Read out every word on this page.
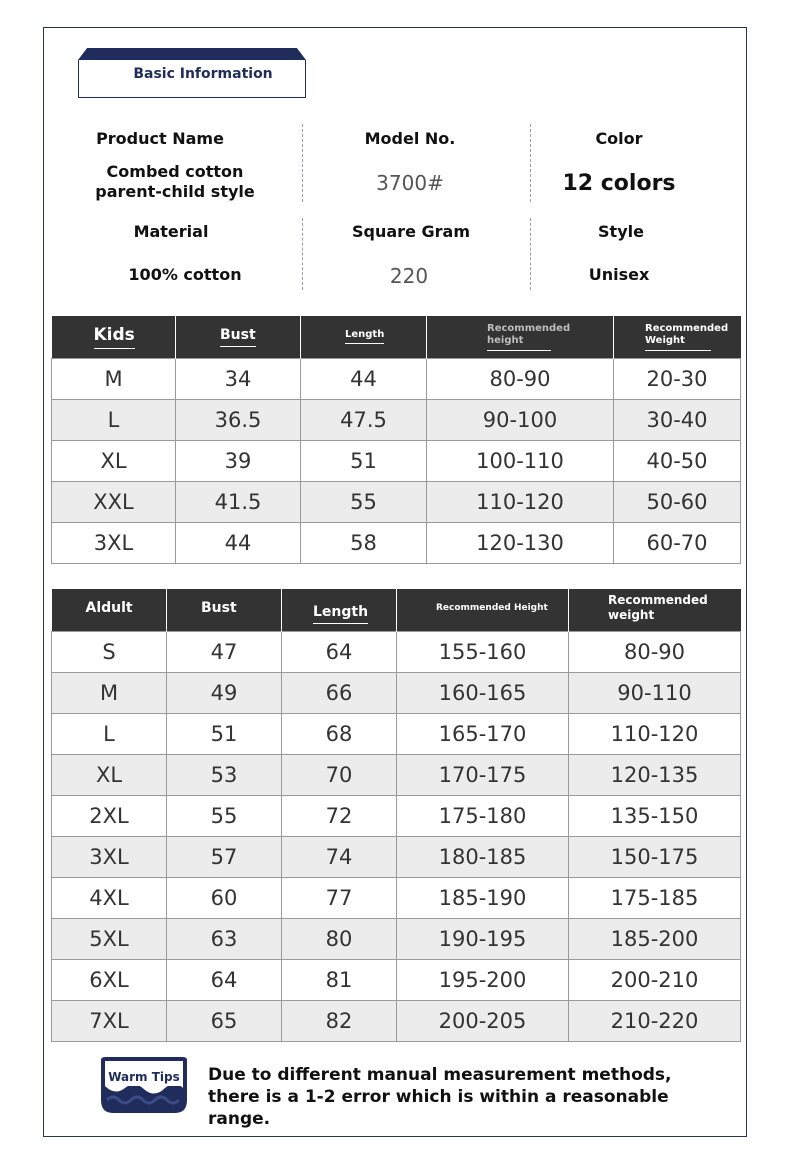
Basic Information
Product Name
Combed cotton
parent-child style
Model No.
3700#
Color
12 colors
Material
100% cotton
Square Gram
220
Style
Unisex
Kids	Bust	Length	Recommended height	Recommended Weight
M	34	44	80-90	20-30
L	36.5	47.5	90-100	30-40
XL	39	51	100-110	40-50
XXL	41.5	55	110-120	50-60
3XL	44	58	120-130	60-70
Aldult	Bust	Length	Recommended Height	Recommended weight
S	47	64	155-160	80-90
M	49	66	160-165	90-110
L	51	68	165-170	110-120
XL	53	70	170-175	120-135
2XL	55	72	175-180	135-150
3XL	57	74	180-185	150-175
4XL	60	77	185-190	175-185
5XL	63	80	190-195	185-200
6XL	64	81	195-200	200-210
7XL	65	82	200-205	210-220
Warm Tips	Due to different manual measurement methods, there is a 1-2 error which is within a reasonable range.
